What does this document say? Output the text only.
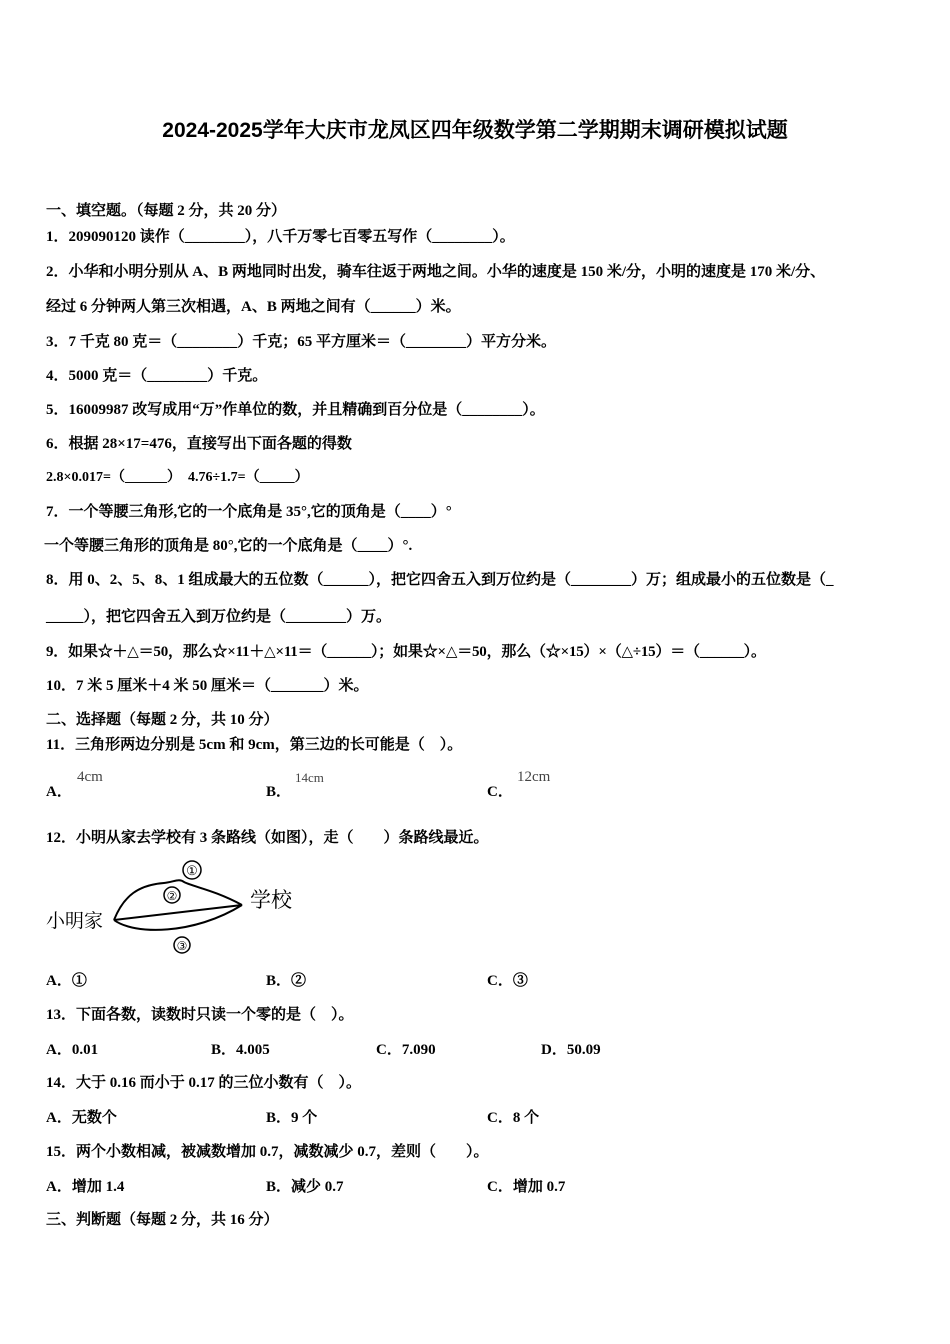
2024-2025学年大庆市龙凤区四年级数学第二学期期末调研模拟试题
一、填空题。（每题 2 分，共 20 分）
1．209090120 读作（________），八千万零七百零五写作（________）。
2．小华和小明分别从 A、B 两地同时出发，骑车往返于两地之间。小华的速度是 150 米/分，小明的速度是 170 米/分、
经过 6 分钟两人第三次相遇，A、B 两地之间有（______）米。
3．7 千克 80 克＝（________）千克；65 平方厘米＝（________）平方分米。
4．5000 克＝（________）千克。
5．16009987 改写成用“万”作单位的数，并且精确到百分位是（________）。
6．根据 28×17=476，直接写出下面各题的得数
2.8×0.017=（______）　4.76÷1.7=（_____）
7．一个等腰三角形,它的一个底角是 35°,它的顶角是（____）°
一个等腰三角形的顶角是 80°,它的一个底角是（____）°.
8．用 0、2、5、8、1 组成最大的五位数（______），把它四舍五入到万位约是（________）万；组成最小的五位数是（_
_____），把它四舍五入到万位约是（________）万。
9．如果☆＋△＝50，那么☆×11＋△×11＝（______）；如果☆×△＝50，那么（☆×15）×（△÷15）＝（______）。
10．7 米 5 厘米＋4 米 50 厘米＝（_______）米。
二、选择题（每题 2 分，共 10 分）
11．三角形两边分别是 5cm 和 9cm，第三边的长可能是（　）。
A．
4cm
B．
14cm
C．
12cm
12．小明从家去学校有 3 条路线（如图），走（　　）条路线最近。
①
②
③
小明家
学校
A．①	B．②	C．③
13．下面各数，读数时只读一个零的是（　）。
A．0.01	B．4.005	C．7.090	D．50.09
14．大于 0.16 而小于 0.17 的三位小数有（　）。
A．无数个	B．9 个	C．8 个
15．两个小数相减，被减数增加 0.7，减数减少 0.7，差则（　　）。
A．增加 1.4	B．减少 0.7	C．增加 0.7
三、判断题（每题 2 分，共 16 分）
